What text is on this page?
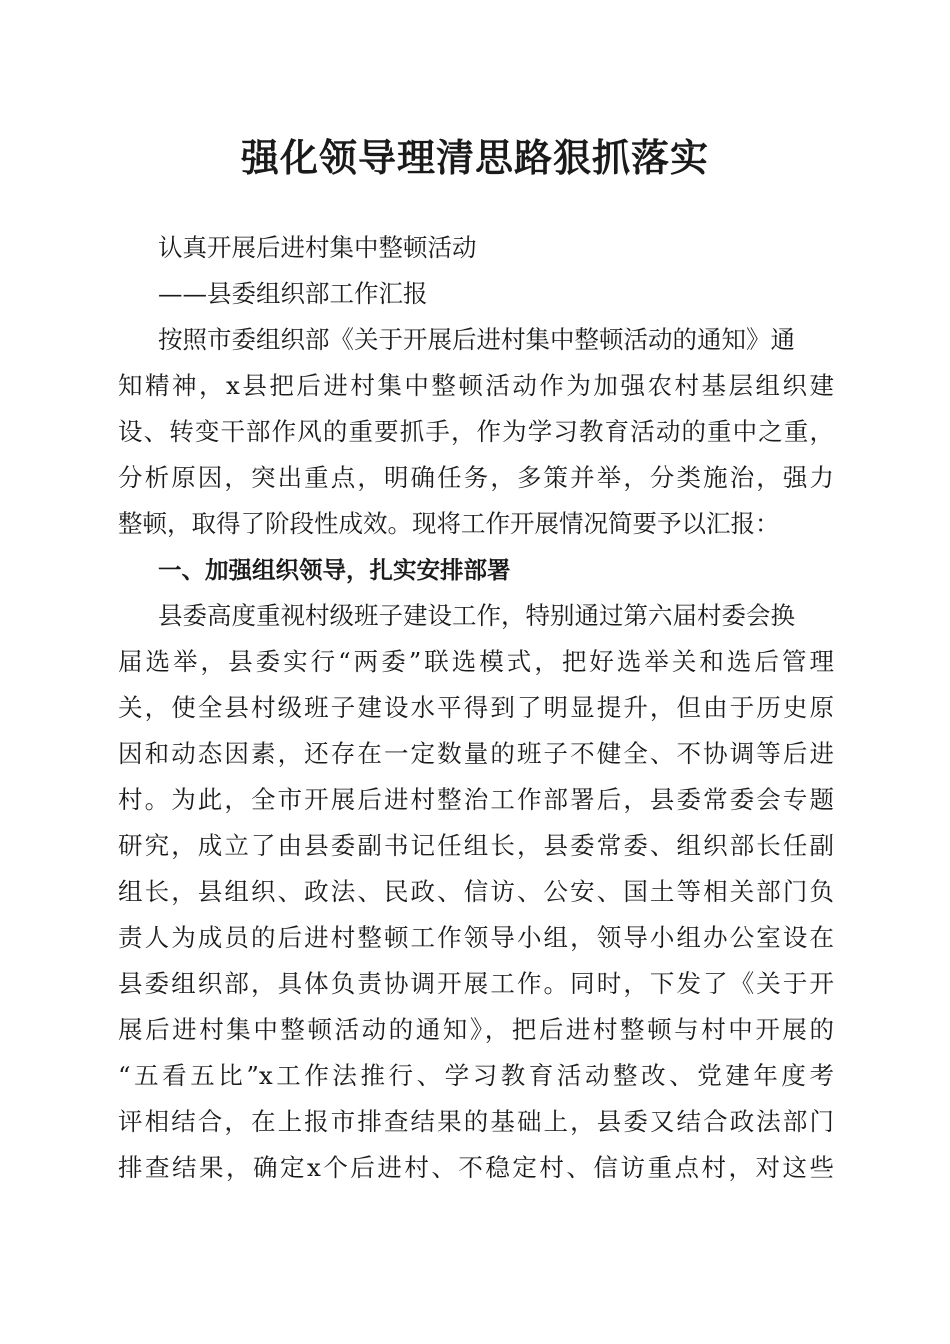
强化领导理清思路狠抓落实
认真开展后进村集中整顿活动
——县委组织部工作汇报
按照市委组织部《关于开展后进村集中整顿活动的通知》通
知精神，x县把后进村集中整顿活动作为加强农村基层组织建
设、转变干部作风的重要抓手，作为学习教育活动的重中之重，
分析原因，突出重点，明确任务，多策并举，分类施治，强力
整顿，取得了阶段性成效。现将工作开展情况简要予以汇报：
一、加强组织领导，扎实安排部署
县委高度重视村级班子建设工作，特别通过第六届村委会换
届选举，县委实行“两委”联选模式，把好选举关和选后管理
关，使全县村级班子建设水平得到了明显提升，但由于历史原
因和动态因素，还存在一定数量的班子不健全、不协调等后进
村。为此，全市开展后进村整治工作部署后，县委常委会专题
研究，成立了由县委副书记任组长，县委常委、组织部长任副
组长，县组织、政法、民政、信访、公安、国土等相关部门负
责人为成员的后进村整顿工作领导小组，领导小组办公室设在
县委组织部，具体负责协调开展工作。同时，下发了《关于开
展后进村集中整顿活动的通知》，把后进村整顿与村中开展的
“五看五比”x工作法推行、学习教育活动整改、党建年度考
评相结合，在上报市排查结果的基础上，县委又结合政法部门
排查结果，确定x个后进村、不稳定村、信访重点村，对这些
